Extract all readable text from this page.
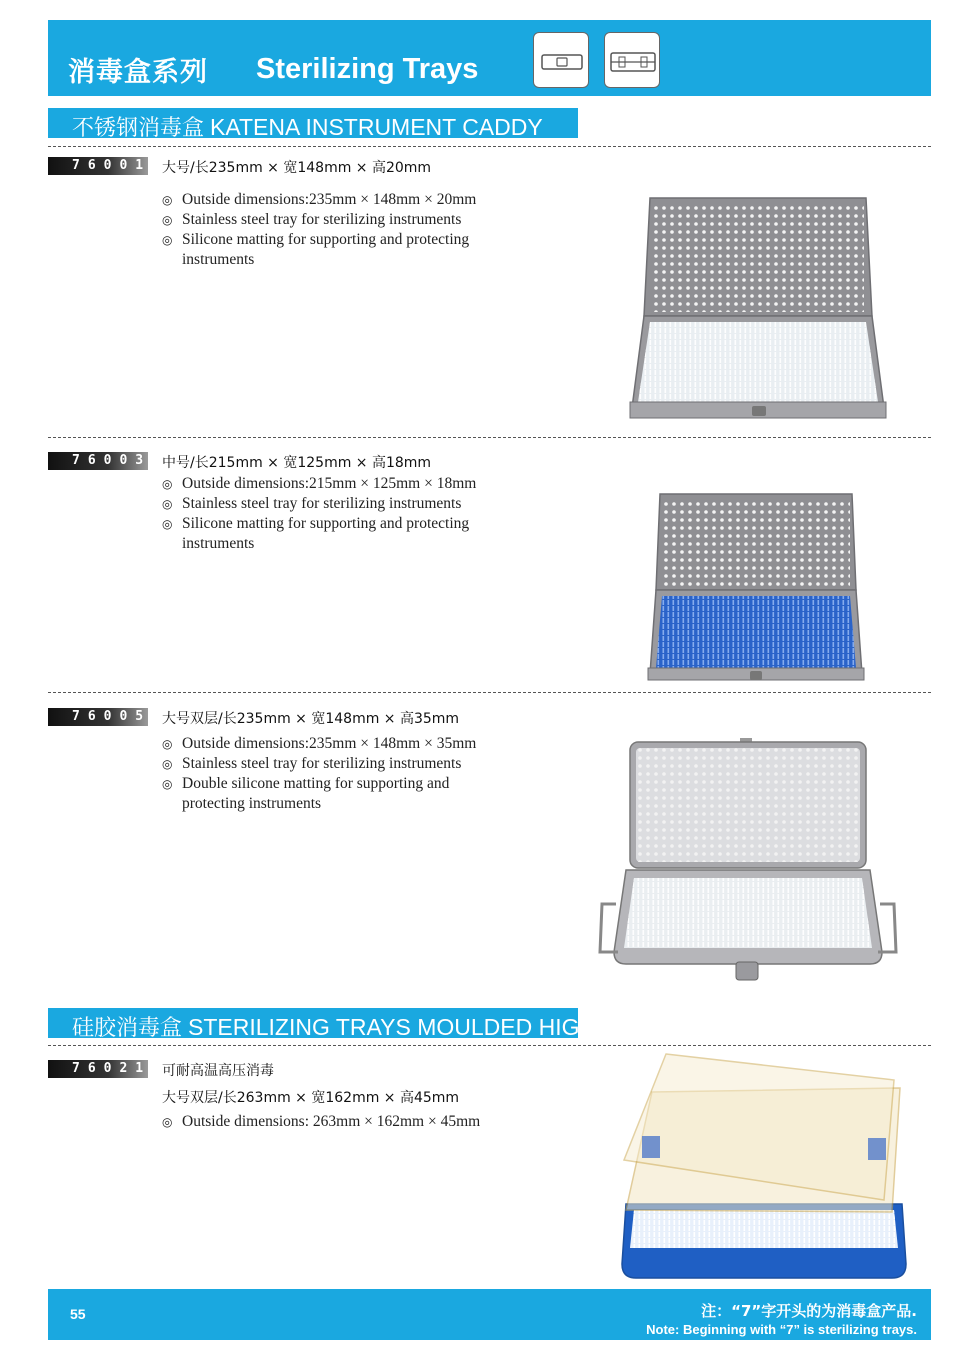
消毒盒系列 Sterilizing Trays
不锈钢消毒盒 KATENA INSTRUMENT CADDY
76001 大号/长235mm × 宽148mm × 高20mm
◎ Outside dimensions:235mm × 148mm × 20mm
◎ Stainless steel tray for sterilizing instruments
◎ Silicone matting for supporting and protecting instruments
76003 中号/长215mm × 宽125mm × 高18mm
◎ Outside dimensions:215mm × 125mm × 18mm
◎ Stainless steel tray for sterilizing instruments
◎ Silicone matting for supporting and protecting instruments
76005 大号双层/长235mm × 宽148mm × 高35mm
◎ Outside dimensions:235mm × 148mm × 35mm
◎ Stainless steel tray for sterilizing instruments
◎ Double silicone matting for supporting and protecting instruments
硅胶消毒盒 STERILIZING TRAYS MOULDED HIGH
76021 可耐高温高压消毒
大号双层/长263mm × 宽162mm × 高45mm
◎ Outside dimensions: 263mm × 162mm × 45mm
55	注：“7”字开头的为消毒盒产品.
Note: Beginning with “7” is sterilizing trays.
